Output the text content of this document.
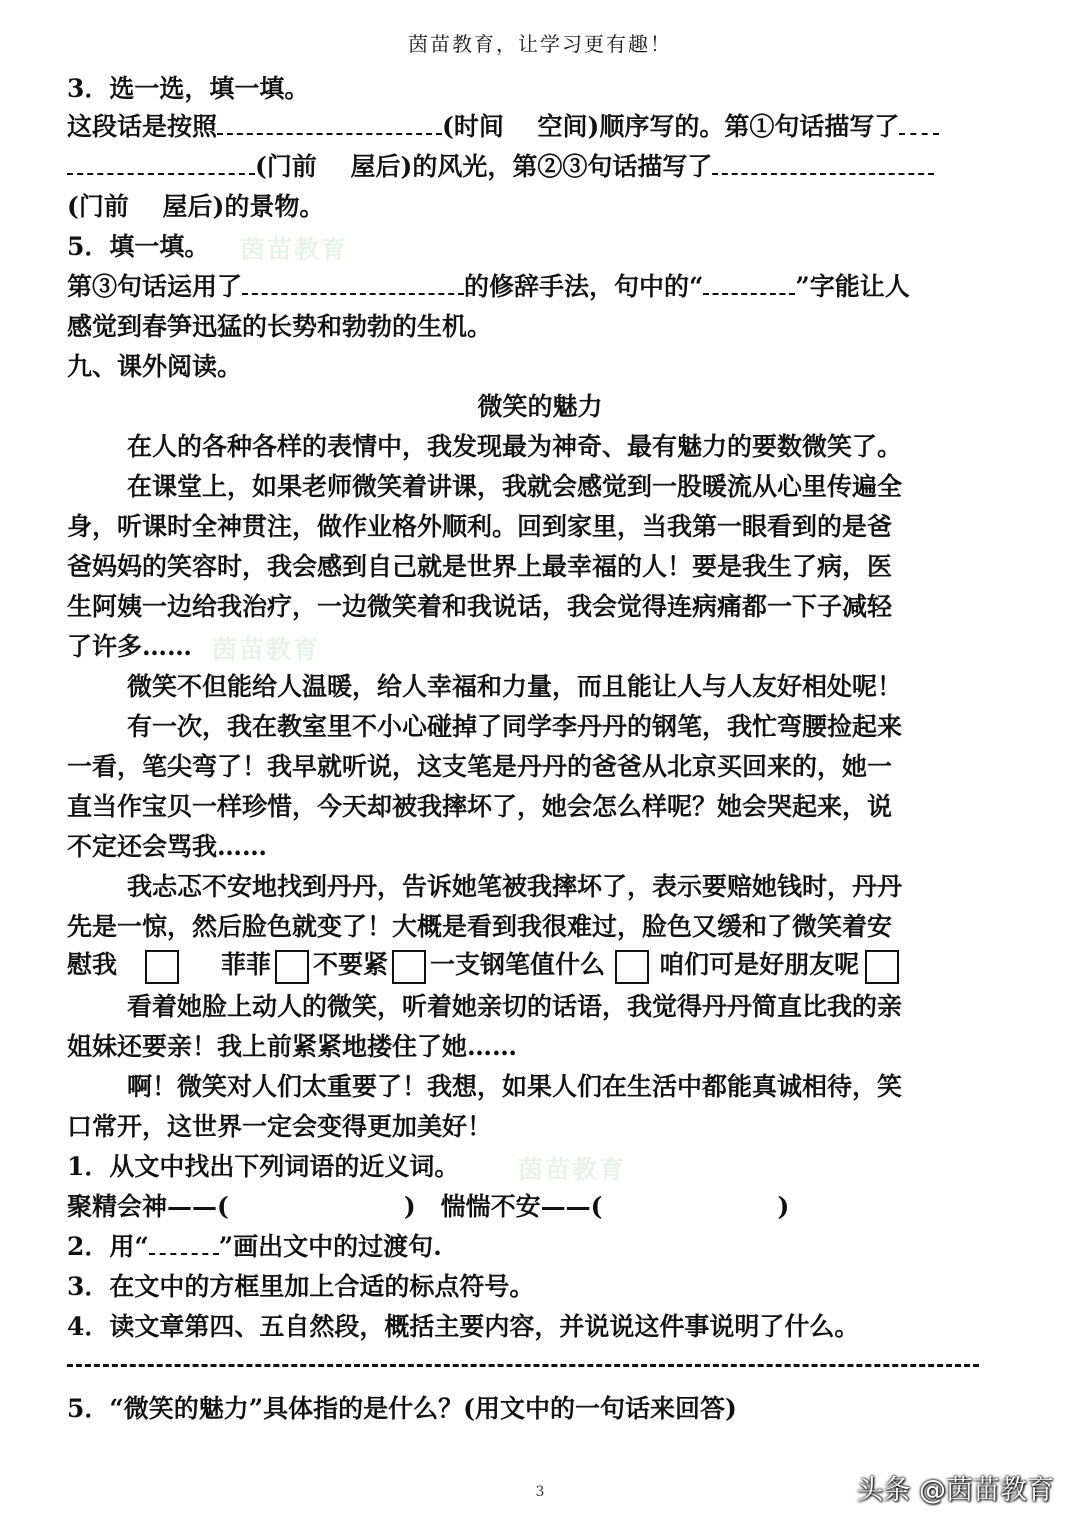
茵苗教育，让学习更有趣！
3．选一选，填一填。
这段话是按照	(时间　 空间)顺序写的。第①句话描写了
(门前　 屋后)的风光，第②③句话描写了
(门前　 屋后)的景物。
5．填一填。	茵苗教育
第③句话运用了	的修辞手法，句中的“	”字能让人
感觉到春笋迅猛的长势和勃勃的生机。
九、课外阅读。
微笑的魅力
在人的各种各样的表情中，我发现最为神奇、最有魅力的要数微笑了。
在课堂上，如果老师微笑着讲课，我就会感觉到一股暖流从心里传遍全
身，听课时全神贯注，做作业格外顺利。回到家里，当我第一眼看到的是爸
爸妈妈的笑容时，我会感到自己就是世界上最幸福的人！要是我生了病，医
生阿姨一边给我治疗，一边微笑着和我说话，我会觉得连病痛都一下子减轻
了许多…… 茵苗教育
微笑不但能给人温暖，给人幸福和力量，而且能让人与人友好相处呢！
有一次，我在教室里不小心碰掉了同学李丹丹的钢笔，我忙弯腰捡起来
一看，笔尖弯了！我早就听说，这支笔是丹丹的爸爸从北京买回来的，她一
直当作宝贝一样珍惜，今天却被我摔坏了，她会怎么样呢？她会哭起来，说
不定还会骂我……
我忐忑不安地找到丹丹，告诉她笔被我摔坏了，表示要赔她钱时，丹丹
先是一惊，然后脸色就变了！大概是看到我很难过，脸色又缓和了微笑着安
慰我	菲菲 不要紧 一支钢笔值什么 咱们可是好朋友呢
看着她脸上动人的微笑，听着她亲切的话语，我觉得丹丹简直比我的亲
姐妹还要亲！我上前紧紧地搂住了她……
啊！微笑对人们太重要了！我想，如果人们在生活中都能真诚相待，笑
口常开，这世界一定会变得更加美好！
1．从文中找出下列词语的近义词。	茵苗教育
聚精会神——(	)　惴惴不安——(	)
2．用“	”画出文中的过渡句.
3．在文中的方框里加上合适的标点符号。
4．读文章第四、五自然段，概括主要内容，并说说这件事说明了什么。
5．“微笑的魅力”具体指的是什么？(用文中的一句话来回答)
3	头条 @茵苗教育
